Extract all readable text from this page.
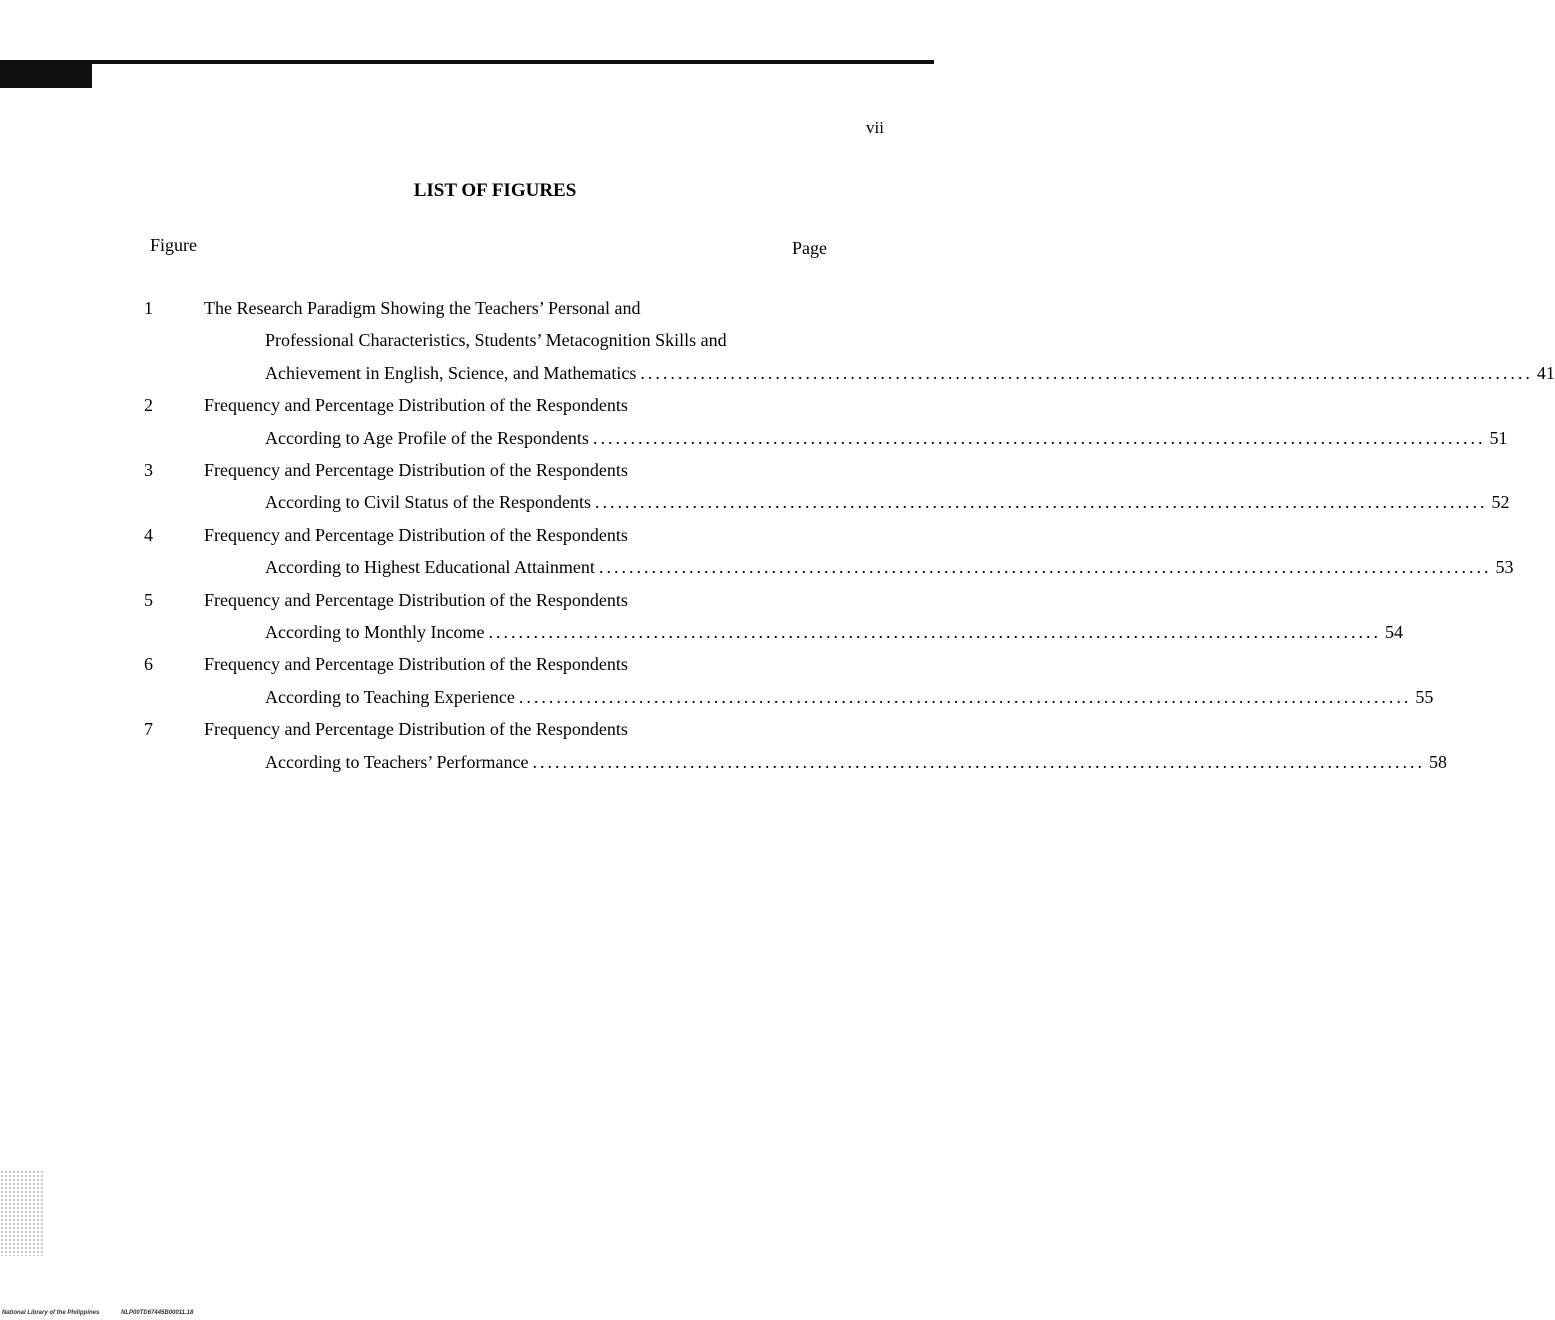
vii
LIST OF FIGURES
Figure	Page
1	The Research Paradigm Showing the Teachers’ Personal and
Professional Characteristics, Students’ Metacognition Skills and
Achievement in English, Science, and Mathematics ....................................................................................................................... 41
2	Frequency and Percentage Distribution of the Respondents
According to Age Profile of the Respondents ....................................................................................................................... 51
3	Frequency and Percentage Distribution of the Respondents
According to Civil Status of the Respondents ....................................................................................................................... 52
4	Frequency and Percentage Distribution of the Respondents
According to Highest Educational Attainment ....................................................................................................................... 53
5	Frequency and Percentage Distribution of the Respondents
According to Monthly Income ....................................................................................................................... 54
6	Frequency and Percentage Distribution of the Respondents
According to Teaching Experience ....................................................................................................................... 55
7	Frequency and Percentage Distribution of the Respondents
According to Teachers’ Performance ....................................................................................................................... 58
National Library of the Philippines	NLP00TD67445B00011.18
